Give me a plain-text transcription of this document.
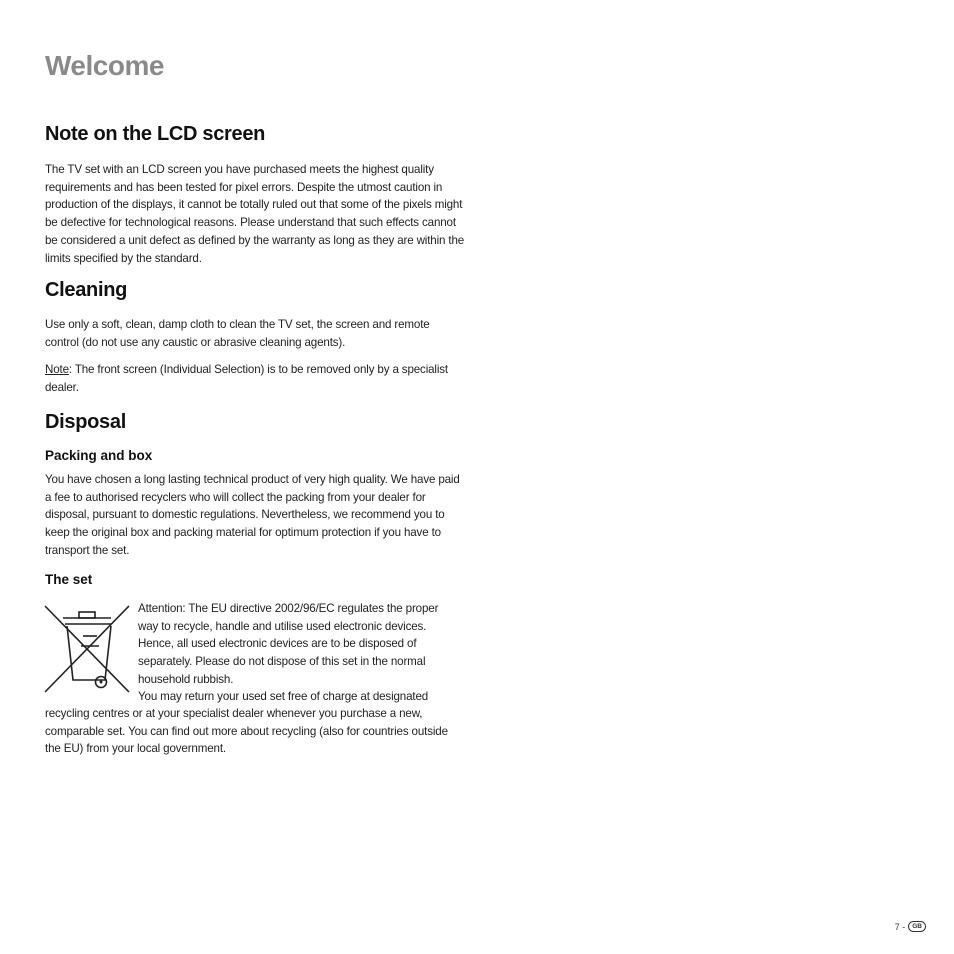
Welcome
Note on the LCD screen

The TV set with an LCD screen you have purchased meets the highest quality requirements and has been tested for pixel errors. Despite the utmost caution in production of the displays, it cannot be totally ruled out that some of the pixels might be defective for technological reasons. Please understand that such effects cannot be considered a unit defect as defined by the warranty as long as they are within the limits specified by the standard.

Cleaning

Use only a soft, clean, damp cloth to clean the TV set, the screen and remote control (do not use any caustic or abrasive cleaning agents).

Note: The front screen (Individual Selection) is to be removed only by a specialist dealer.

Disposal
Packing and box

You have chosen a long lasting technical product of very high quality. We have paid a fee to authorised recyclers who will collect the packing from your dealer for disposal, pursuant to domestic regulations. Nevertheless, we recommend you to keep the original box and packing material for optimum protection if you have to transport the set.

The set

Attention: The EU directive 2002/96/EC regulates the proper way to recycle, handle and utilise used electronic devices. Hence, all used electronic devices are to be disposed of separately. Please do not dispose of this set in the normal household rubbish.

You may return your used set free of charge at designated

recycling centres or at your specialist dealer whenever you purchase a new, comparable set. You can find out more about recycling (also for countries outside the EU) from your local government.

7 -	GB
